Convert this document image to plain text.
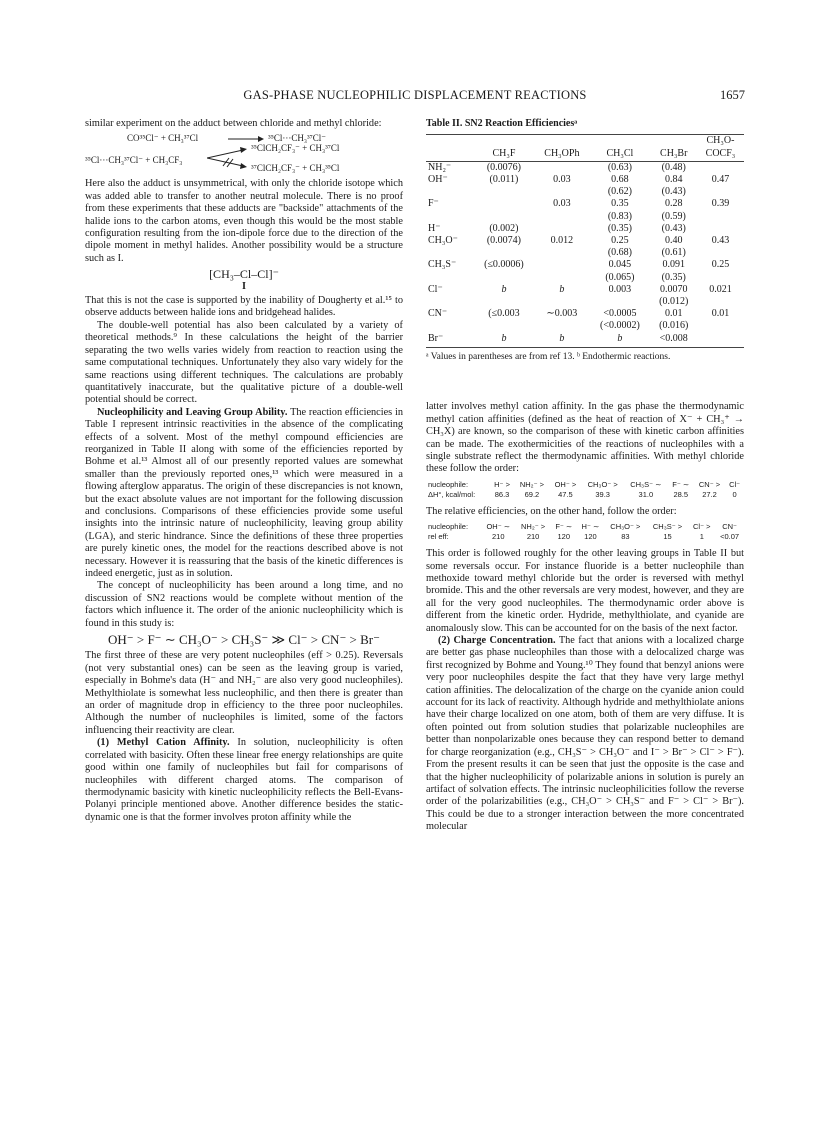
GAS-PHASE NUCLEOPHILIC DISPLACEMENT REACTIONS	1657

similar experiment on the adduct between chloride and methyl chloride:

CO³⁵Cl⁻ + CH₃³⁷Cl	→ ³⁵Cl···CH₃³⁷Cl⁻
³⁵Cl···CH₃³⁷Cl⁻ + CH₃CF₃
³⁵ClCH₂CF₃⁻ + CH₃³⁷Cl
³⁷ClCH₂CF₃⁻ + CH₃³⁵Cl

Here also the adduct is unsymmetrical, with only the chloride isotope which was added able to transfer to another neutral molecule. There is no proof from these experiments that these adducts are "backside" attachments of the halide ions to the carbon atoms, even though this would be the most stable configuration resulting from the ion-dipole force due to the direction of the dipole moment in methyl halides. Another possibility would be a structure such as I.

[CH₃–Cl–Cl]⁻

I

That this is not the case is supported by the inability of Dougherty et al.¹⁵ to observe adducts between halide ions and bridgehead halides.

The double-well potential has also been calculated by a variety of theoretical methods.⁹ In these calculations the height of the barrier separating the two wells varies widely from reaction to reaction using the same computational techniques. Unfortunately they also vary widely for the same reactions using different techniques. The calculations are probably quantitatively inaccurate, but the qualitative picture of a double-well potential should be correct.

Nucleophilicity and Leaving Group Ability. The reaction efficiencies in Table I represent intrinsic reactivities in the absence of the complicating effects of a solvent. Most of the methyl compound efficiencies are reorganized in Table II along with some of the efficiencies reported by Bohme et al.¹³ Almost all of our presently reported values are somewhat smaller than the previously reported ones,¹³ which were measured in a flowing afterglow apparatus. The origin of these discrepancies is not known, but the exact absolute values are not important for the following discussion and conclusions. Comparisons of these efficiencies provide some useful insights into the intrinsic nature of nucleophilicity, leaving group ability (LGA), and steric hindrance. Since the definitions of these three properties are purely kinetic ones, the model for the reactions described above is not necessary. However it is reassuring that the basis of the kinetic differences is indeed energetic, just as in solution.

The concept of nucleophilicity has been around a long time, and no discussion of SN2 reactions would be complete without mention of the factors which influence it. The order of the anionic nucleophilicity which is found in this study is:

OH⁻ > F⁻ ∼ CH₃O⁻ > CH₃S⁻ ≫ Cl⁻ > CN⁻ > Br⁻

The first three of these are very potent nucleophiles (eff > 0.25). Reversals (not very substantial ones) can be seen as the leaving group is varied, especially in Bohme's data (H⁻ and NH₂⁻ are also very good nucleophiles). Methylthiolate is somewhat less nucleophilic, and then there is greater than an order of magnitude drop in efficiency to the three poor nucleophiles. Although the number of nucleophiles is limited, some of the factors influencing their reactivity are clear.

(1) Methyl Cation Affinity. In solution, nucleophilicity is often correlated with basicity. Often these linear free energy relationships are quite good within one family of nucleophiles but fail for comparisons of nucleophiles with different charged atoms. The comparison of thermodynamic basicity with kinetic nucleophilicity reflects the Bell-Evans-Polanyi principle mentioned above. Another difference besides the static-dynamic one is that the former involves proton affinity while the

Table II. SN2 Reaction Efficienciesᵃ
	CH₃F	CH₃OPh	CH₃Cl	CH₃Br	CH₃O-
COCF₃
NH₂⁻	(0.0076)		(0.63)	(0.48)	
OH⁻	(0.011)	0.03	0.68	0.84	0.47
			(0.62)	(0.43)	
F⁻		0.03	0.35	0.28	0.39
			(0.83)	(0.59)	
H⁻	(0.002)		(0.35)	(0.43)	
CH₃O⁻	(0.0074)	0.012	0.25	0.40	0.43
			(0.68)	(0.61)	
CH₃S⁻	(≤0.0006)		0.045	0.091	0.25
			(0.065)	(0.35)	
Cl⁻	b	b	0.003	0.0070	0.021
				(0.012)	
CN⁻	(≤0.003	∼0.003	<0.0005	0.01	0.01
			(<0.0002)	(0.016)	
Br⁻	b	b	b	<0.008	
ᵃ Values in parentheses are from ref 13. ᵇ Endothermic reactions.

latter involves methyl cation affinity. In the gas phase the thermodynamic methyl cation affinities (defined as the heat of reaction of X⁻ + CH₃⁺ → CH₃X) are known, so the comparison of these with kinetic carbon affinities can be made. The exothermicities of the reactions of nucleophiles with a single substrate reflect the thermodynamic affinities. With methyl chloride these follow the order:

nucleophile:	H⁻ >	NH₂⁻ >	OH⁻ >	CH₃O⁻ >	CH₃S⁻ ∼	F⁻ ∼	CN⁻ >	Cl⁻
ΔH°, kcal/mol:	86.3	69.2	47.5	39.3	31.0	28.5	27.2	0

The relative efficiencies, on the other hand, follow the order:

nucleophile:	OH⁻ ∼	NH₂⁻ >	F⁻ ∼	H⁻ ∼	CH₃O⁻ >	CH₃S⁻ >	Cl⁻ >	CN⁻
rel eff:	210	210	120	120	83	15	1	<0.07

This order is followed roughly for the other leaving groups in Table II but some reversals occur. For instance fluoride is a better nucleophile than methoxide toward methyl chloride but the order is reversed with methyl bromide. This and the other reversals are very modest, however, and they are all for the very good nucleophiles. The thermodynamic order above is different from the kinetic order. Hydride, methylthiolate, and cyanide are anomalously slow. This can be accounted for on the basis of the next factor.

(2) Charge Concentration. The fact that anions with a localized charge are better gas phase nucleophiles than those with a delocalized charge was first recognized by Bohme and Young.¹⁰ They found that benzyl anions were very poor nucleophiles despite the fact that they have very large methyl cation affinities. The delocalization of the charge on the cyanide anion could account for its lack of reactivity. Although hydride and methylthiolate anions have their charge localized on one atom, both of them are very diffuse. It is often pointed out from solution studies that polarizable nucleophiles are better than nonpolarizable ones because they can respond better to demand for charge reorganization (e.g., CH₃S⁻ > CH₃O⁻ and I⁻ > Br⁻ > Cl⁻ > F⁻). From the present results it can be seen that just the opposite is the case and that the higher nucleophilicity of polarizable anions in solution is purely an artifact of solvation effects. The intrinsic nucleophilicities follow the reverse order of the polarizabilities (e.g., CH₃O⁻ > CH₃S⁻ and F⁻ > Cl⁻ > Br⁻). This could be due to a stronger interaction between the more concentrated molecular
